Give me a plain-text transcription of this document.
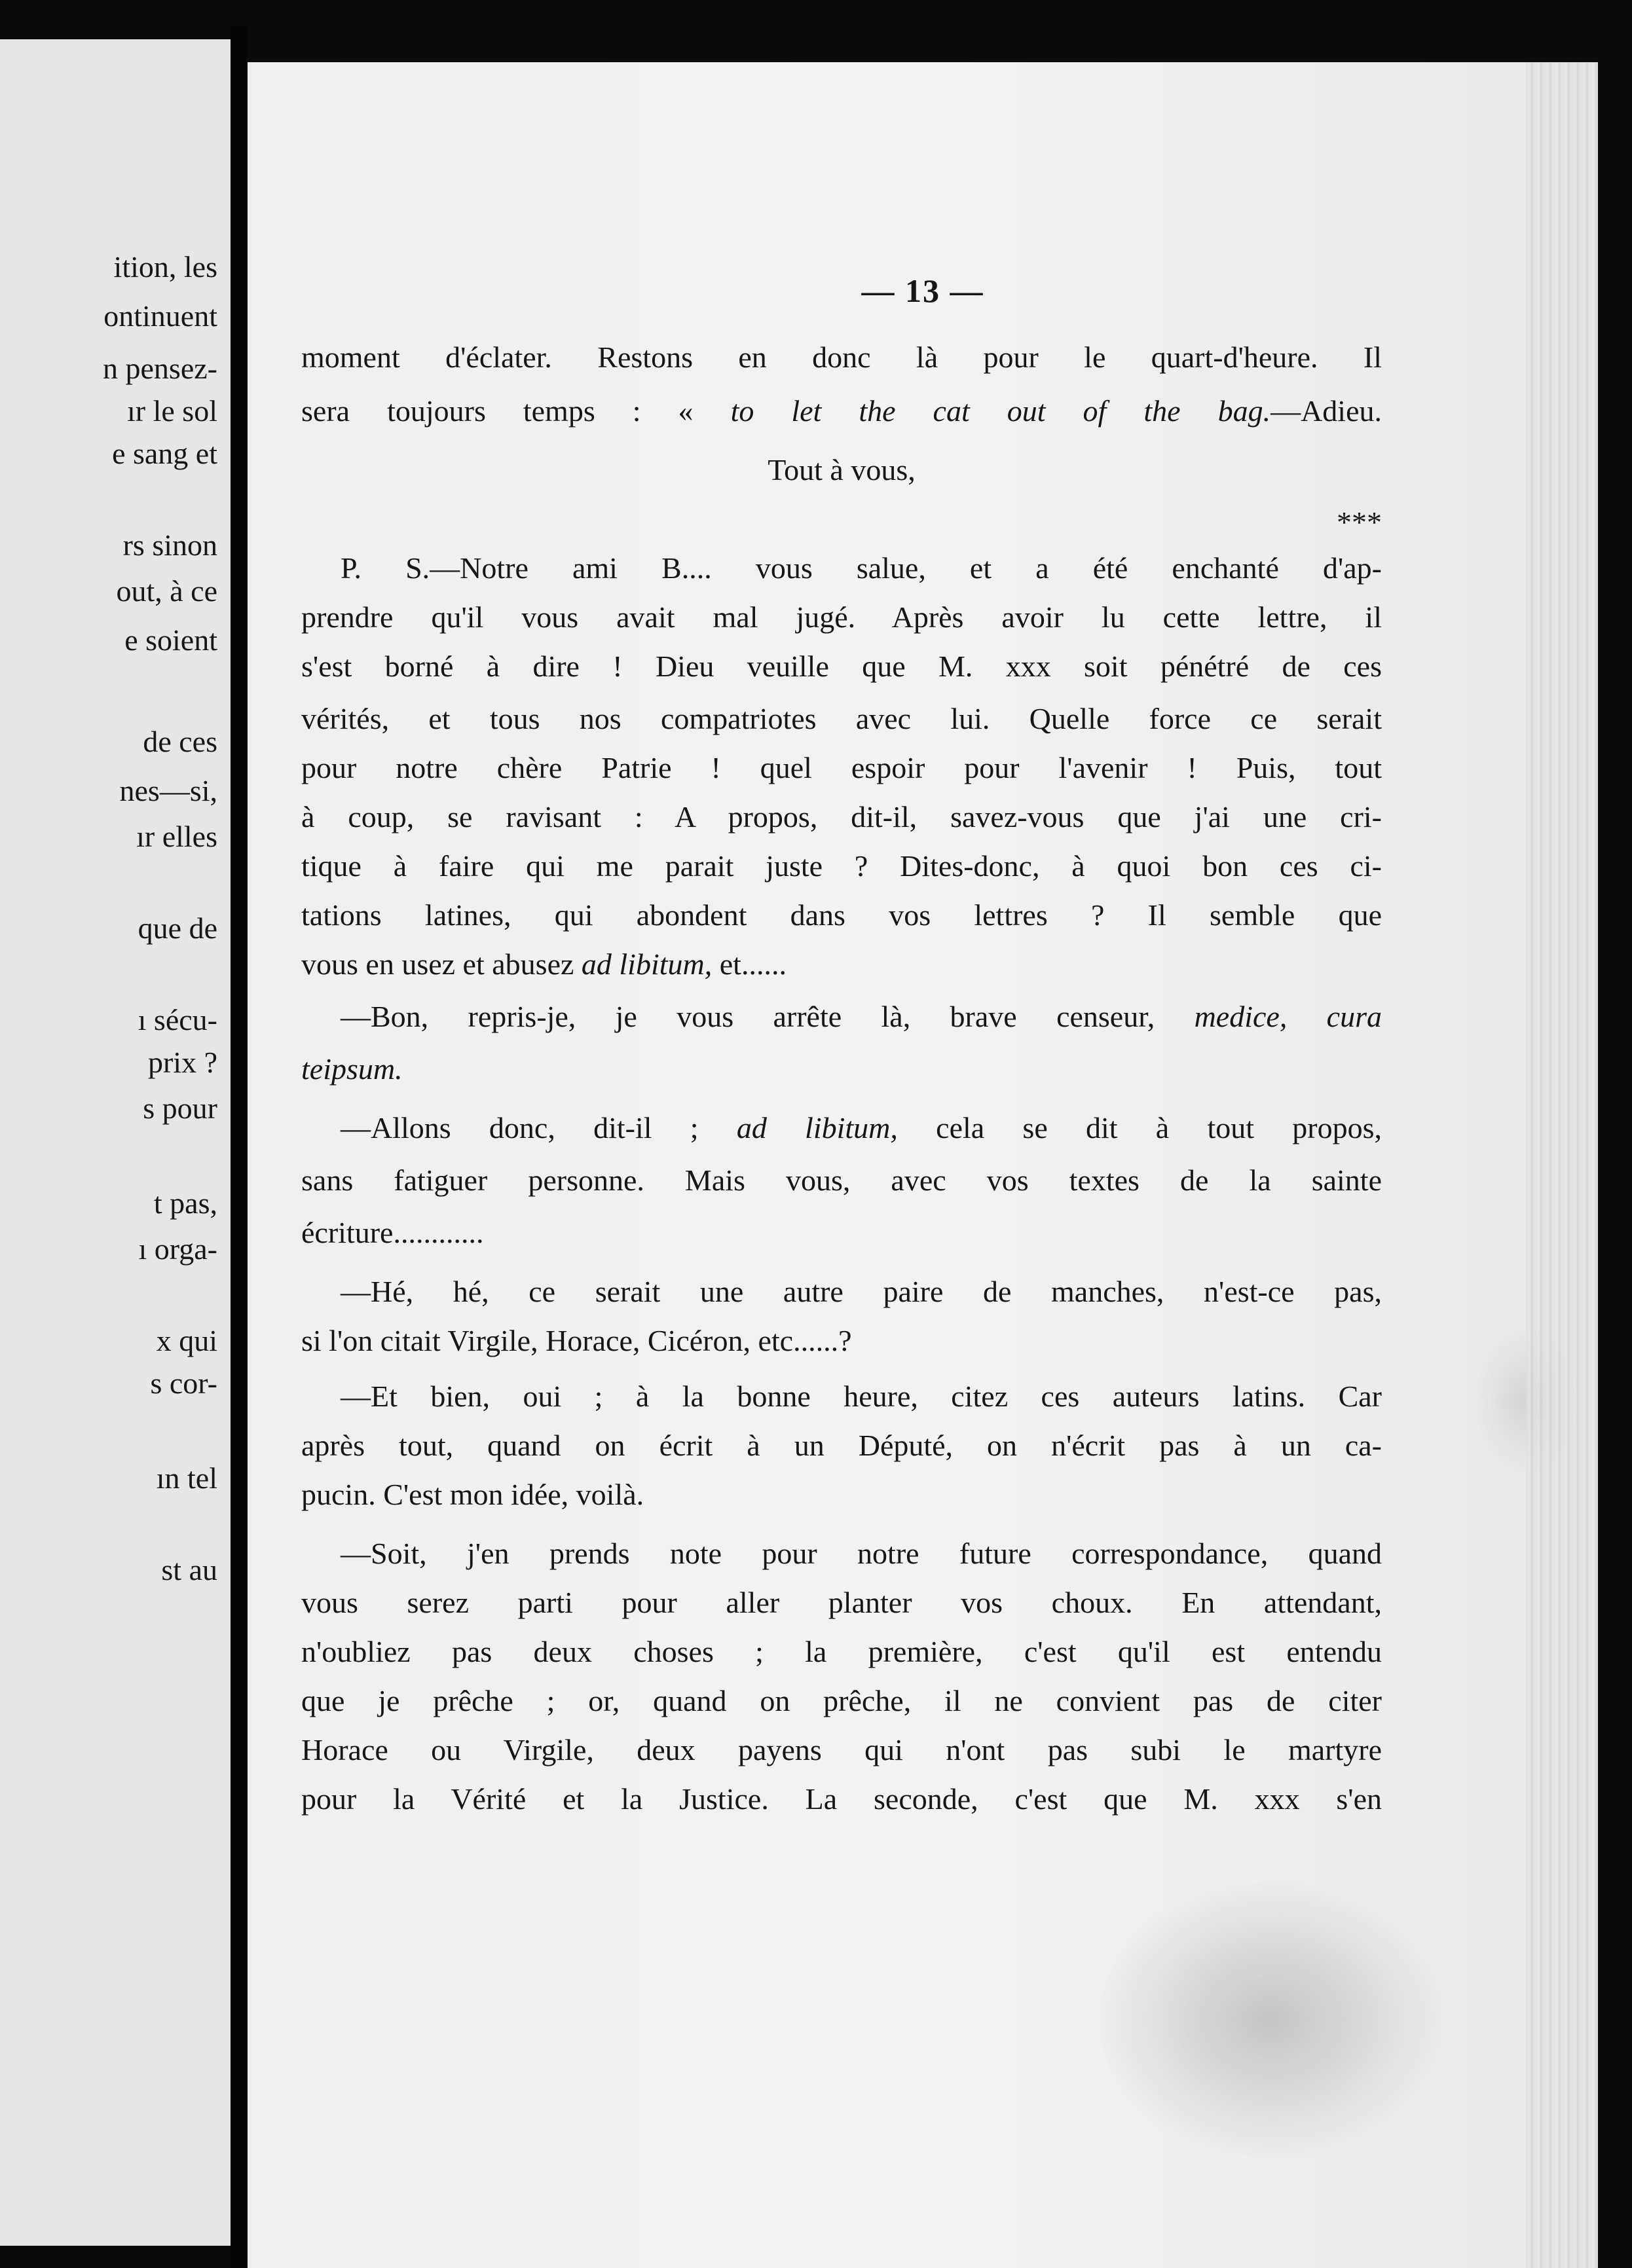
ition, les
ontinuent
n pensez-
ır le sol
e sang et
rs sinon
out, à ce
e soient
de ces
nes—si,
ır elles
que de
ı sécu-
prix ?
s pour
t pas,
ı orga-
x qui
s cor-
ın tel
st au
— 13 —
moment d'éclater. Restons en donc là pour le quart-d'heure. Il
sera toujours temps : « to let the cat out of the bag.—Adieu.
Tout à vous,
***
P. S.—Notre ami B.... vous salue, et a été enchanté d'ap-
prendre qu'il vous avait mal jugé. Après avoir lu cette lettre, il
s'est borné à dire ! Dieu veuille que M. xxx soit pénétré de ces
vérités, et tous nos compatriotes avec lui. Quelle force ce serait
pour notre chère Patrie ! quel espoir pour l'avenir ! Puis, tout
à coup, se ravisant : A propos, dit-il, savez-vous que j'ai une cri-
tique à faire qui me parait juste ? Dites-donc, à quoi bon ces ci-
tations latines, qui abondent dans vos lettres ? Il semble que
vous en usez et abusez ad libitum, et......
—Bon, repris-je, je vous arrête là, brave censeur, medice, cura
teipsum.
—Allons donc, dit-il ; ad libitum, cela se dit à tout propos,
sans fatiguer personne. Mais vous, avec vos textes de la sainte
écriture............
—Hé, hé, ce serait une autre paire de manches, n'est-ce pas,
si l'on citait Virgile, Horace, Cicéron, etc......?
—Et bien, oui ; à la bonne heure, citez ces auteurs latins. Car
après tout, quand on écrit à un Député, on n'écrit pas à un ca-
pucin. C'est mon idée, voilà.
—Soit, j'en prends note pour notre future correspondance, quand
vous serez parti pour aller planter vos choux. En attendant,
n'oubliez pas deux choses ; la première, c'est qu'il est entendu
que je prêche ; or, quand on prêche, il ne convient pas de citer
Horace ou Virgile, deux payens qui n'ont pas subi le martyre
pour la Vérité et la Justice. La seconde, c'est que M. xxx s'en
